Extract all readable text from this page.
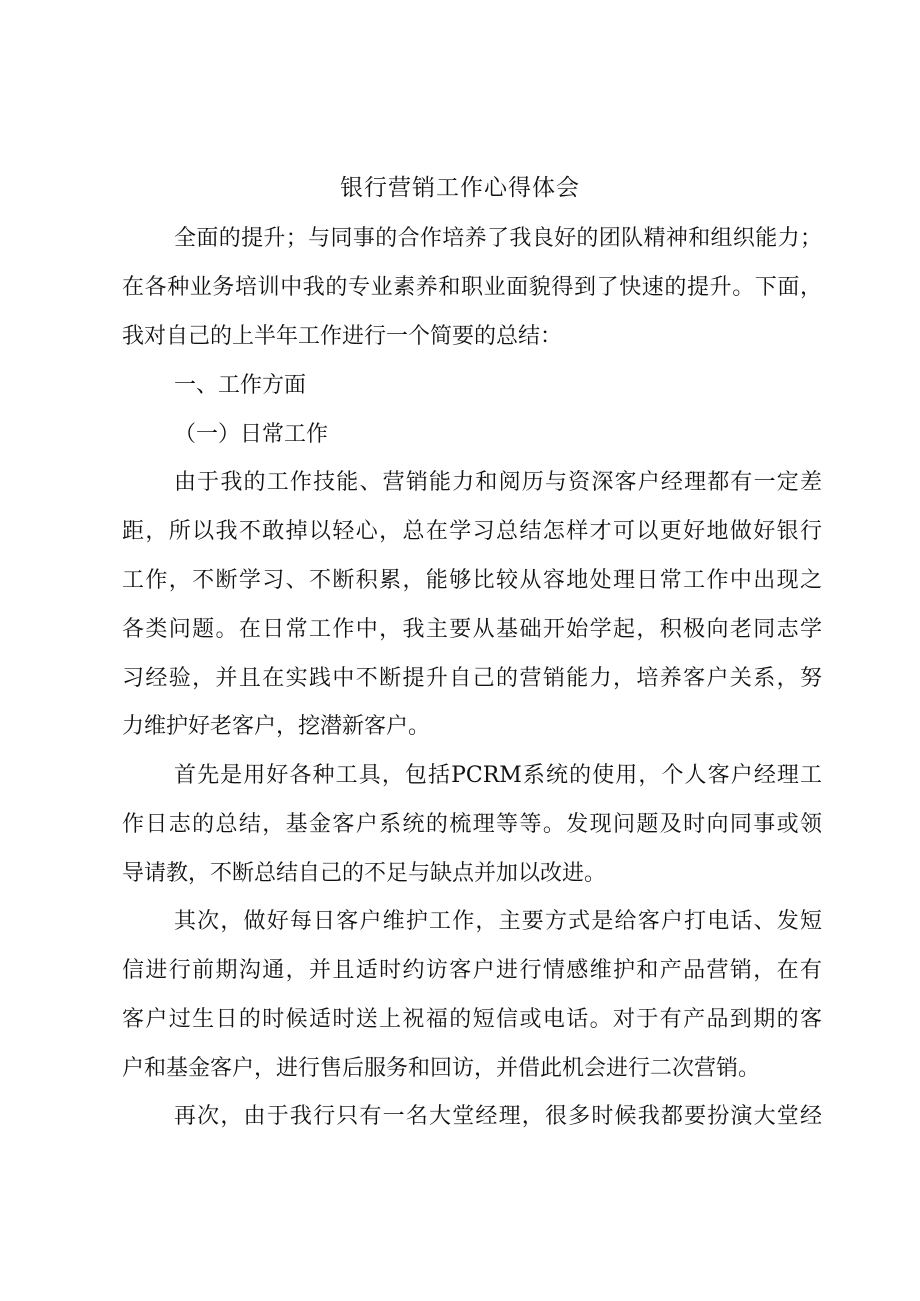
银行营销工作心得体会
全面的提升；与同事的合作培养了我良好的团队精神和组织能力；
在各种业务培训中我的专业素养和职业面貌得到了快速的提升。下面，
我对自己的上半年工作进行一个简要的总结：
一、工作方面
（一）日常工作
由于我的工作技能、营销能力和阅历与资深客户经理都有一定差
距，所以我不敢掉以轻心，总在学习总结怎样才可以更好地做好银行
工作，不断学习、不断积累，能够比较从容地处理日常工作中出现之
各类问题。在日常工作中，我主要从基础开始学起，积极向老同志学
习经验，并且在实践中不断提升自己的营销能力，培养客户关系，努
力维护好老客户，挖潜新客户。
首先是用好各种工具，包括PCRM系统的使用，个人客户经理工
作日志的总结，基金客户系统的梳理等等。发现问题及时向同事或领
导请教，不断总结自己的不足与缺点并加以改进。
其次，做好每日客户维护工作，主要方式是给客户打电话、发短
信进行前期沟通，并且适时约访客户进行情感维护和产品营销，在有
客户过生日的时候适时送上祝福的短信或电话。对于有产品到期的客
户和基金客户，进行售后服务和回访，并借此机会进行二次营销。
再次，由于我行只有一名大堂经理，很多时候我都要扮演大堂经
